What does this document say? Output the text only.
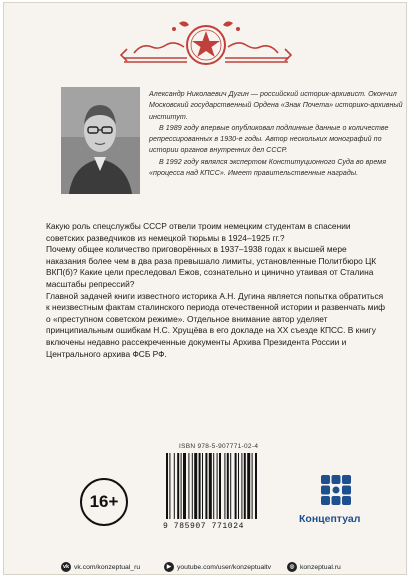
Александр Николаевич Дугин — российский историк-архивист. Окончил Московский государственный Ордена «Знак Почета» историко-архивный институт.

В 1989 году впервые опубликовал подлинные данные о количестве репрессированных в 1930-е годы. Автор нескольких монографий по истории органов внутренних дел СССР.

В 1992 году являлся экспертом Конституционного Суда во время «процесса над КПСС». Имеет правительственные награды.

Какую роль спецслужбы СССР отвели троим немецким студентам в спасении советских разведчиков из немецкой тюрьмы в 1924–1925 гг.?

Почему общее количество приговорённых в 1937–1938 годах к высшей мере наказания более чем в два раза превышало лимиты, установленные Политбюро ЦК ВКП(б)? Какие цели преследовал Ежов, сознательно и цинично утаивая от Сталина масштабы репрессий?

Главной задачей книги известного историка А.Н. Дугина является попытка обратиться к неизвестным фактам сталинского периода отечественной истории и развенчать миф о «преступном советском режиме». Отдельное внимание автор уделяет принципиальным ошибкам Н.С. Хрущёва в его докладе на XX съезде КПСС. В книгу включены недавно рассекреченные документы Архива Президента России и Центрального архива ФСБ РФ.

16+
ISBN 978-5-907771-02-4
9 785907 771024
Концептуал
vk vk.com/konzeptual_ru	▶ youtube.com/user/konzeptualtv	◎ konzeptual.ru
